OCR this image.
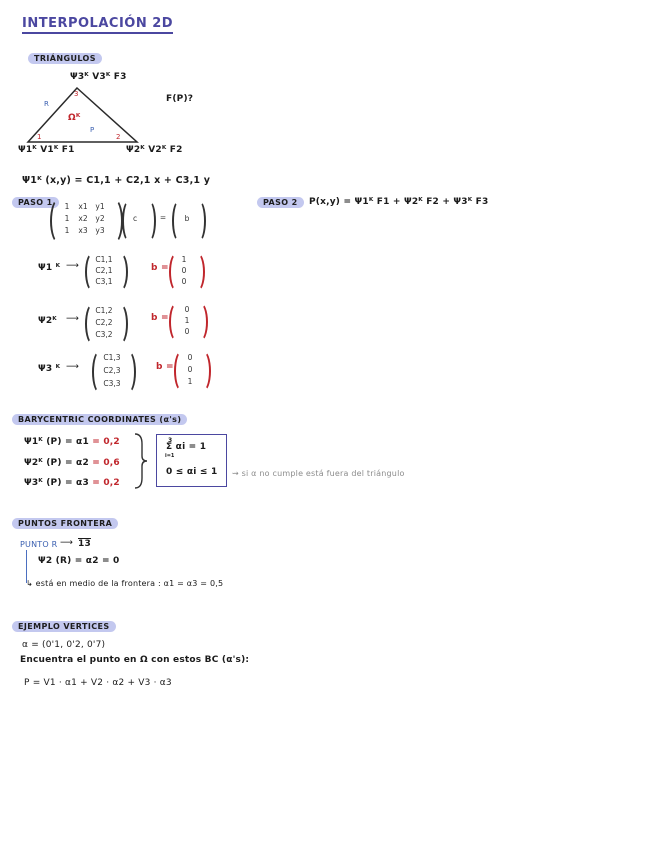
INTERPOLACIÓN 2D
TRIÁNGULOS
Ψ3ᴷ V3ᴷ F3
3
R
Ωᴷ
P
1	2
Ψ1ᴷ V1ᴷ F1	Ψ2ᴷ V2ᴷ F2
F(P)?
Ψ1ᴷ (x,y) = C1,1 + C2,1 x + C3,1 y
PASO 1	1	x1	y1
1	x2	y2
1	x3	y3
c	=	b
PASO 2	P(x,y) = Ψ1ᴷ F1 + Ψ2ᴷ F2 + Ψ3ᴷ F3
Ψ1 ᴷ ⟶
C1,1
C2,1
C3,1
b =
1
0
0
Ψ2ᴷ ⟶
C1,2
C2,2
C3,2
b =
0
1
0
Ψ3 ᴷ ⟶
C1,3
C2,3
C3,3
b =
0
0
1
BARYCENTRIC COORDINATES (α's)
Ψ1ᴷ (P) = α1 = 0,2
Ψ2ᴷ (P) = α2 = 0,6
Ψ3ᴷ (P) = α3 = 0,2
3
Σ αi = 1
i=1
0 ≤ αi ≤ 1 ⇝ si α no cumple está fuera del triángulo
PUNTOS FRONTERA
PUNTO R ⟶ 13
Ψ2 (R) = α2 = 0
↳ está en medio de la frontera : α1 = α3 = 0,5
EJEMPLO VERTICES
α = (0'1, 0'2, 0'7)
Encuentra el punto en Ω con estos BC (α's):
P = V1 · α1 + V2 · α2 + V3 · α3
